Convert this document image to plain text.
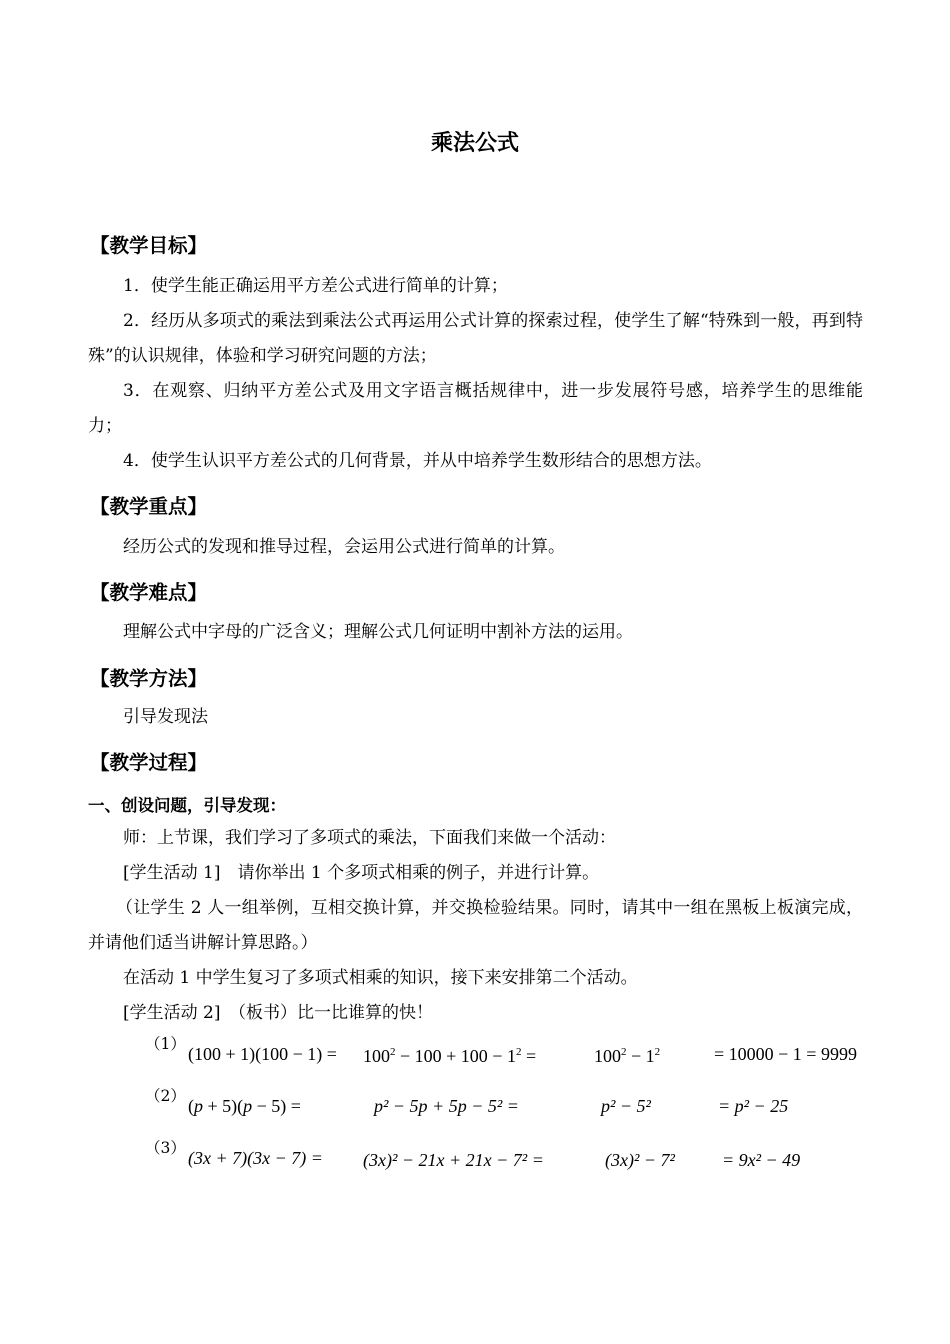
乘法公式
【教学目标】
1．使学生能正确运用平方差公式进行简单的计算；
2．经历从多项式的乘法到乘法公式再运用公式计算的探索过程，使学生了解“特殊到一般，再到特殊”的认识规律，体验和学习研究问题的方法；
3．在观察、归纳平方差公式及用文字语言概括规律中，进一步发展符号感，培养学生的思维能力；
4．使学生认识平方差公式的几何背景，并从中培养学生数形结合的思想方法。
【教学重点】
经历公式的发现和推导过程，会运用公式进行简单的计算。
【教学难点】
理解公式中字母的广泛含义；理解公式几何证明中割补方法的运用。
【教学方法】
引导发现法
【教学过程】
一、创设问题，引导发现：
师：上节课，我们学习了多项式的乘法，下面我们来做一个活动：
[学生活动 1]　请你举出 1 个多项式相乘的例子，并进行计算。
（让学生 2 人一组举例，互相交换计算，并交换检验结果。同时，请其中一组在黑板上板演完成，并请他们适当讲解计算思路。）
在活动 1 中学生复习了多项式相乘的知识，接下来安排第二个活动。
[学生活动 2]　（板书）比一比谁算的快！
（1） $(100 + 1)(100 - 1) = 100^2 - 100 + 100 - 1^2$ =	$100^2 - 1^2$	= 10000 − 1 = 9999
（2） (p + 5)(p − 5) =	p² − 5p + 5p − 5² =	p² − 5²	= p² − 25
（3） (3x + 7)(3x − 7) = (3x)² − 21x + 21x − 7² =	(3x)² − 7²	= 9x² − 49
